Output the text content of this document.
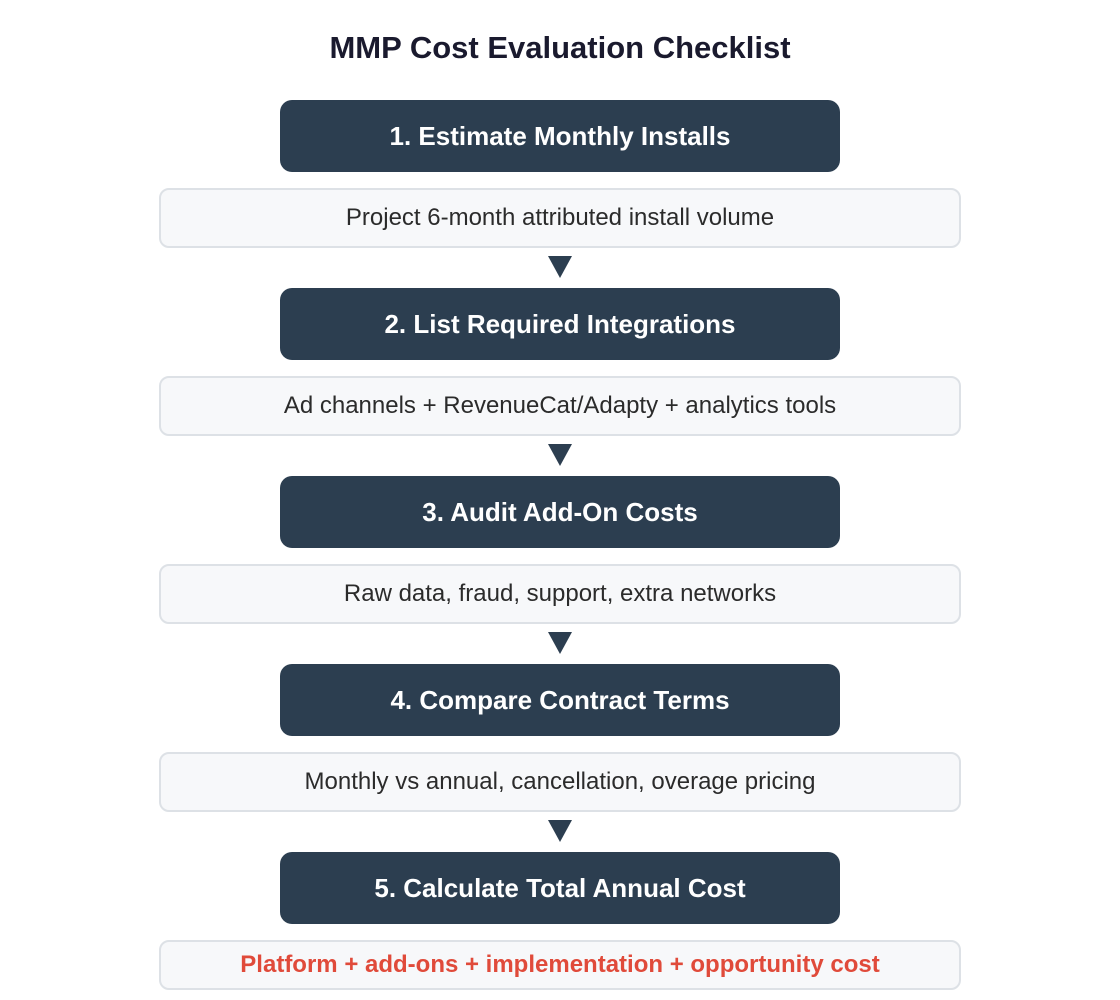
MMP Cost Evaluation Checklist
1. Estimate Monthly Installs
Project 6-month attributed install volume
2. List Required Integrations
Ad channels + RevenueCat/Adapty + analytics tools
3. Audit Add-On Costs
Raw data, fraud, support, extra networks
4. Compare Contract Terms
Monthly vs annual, cancellation, overage pricing
5. Calculate Total Annual Cost
Platform + add-ons + implementation + opportunity cost
